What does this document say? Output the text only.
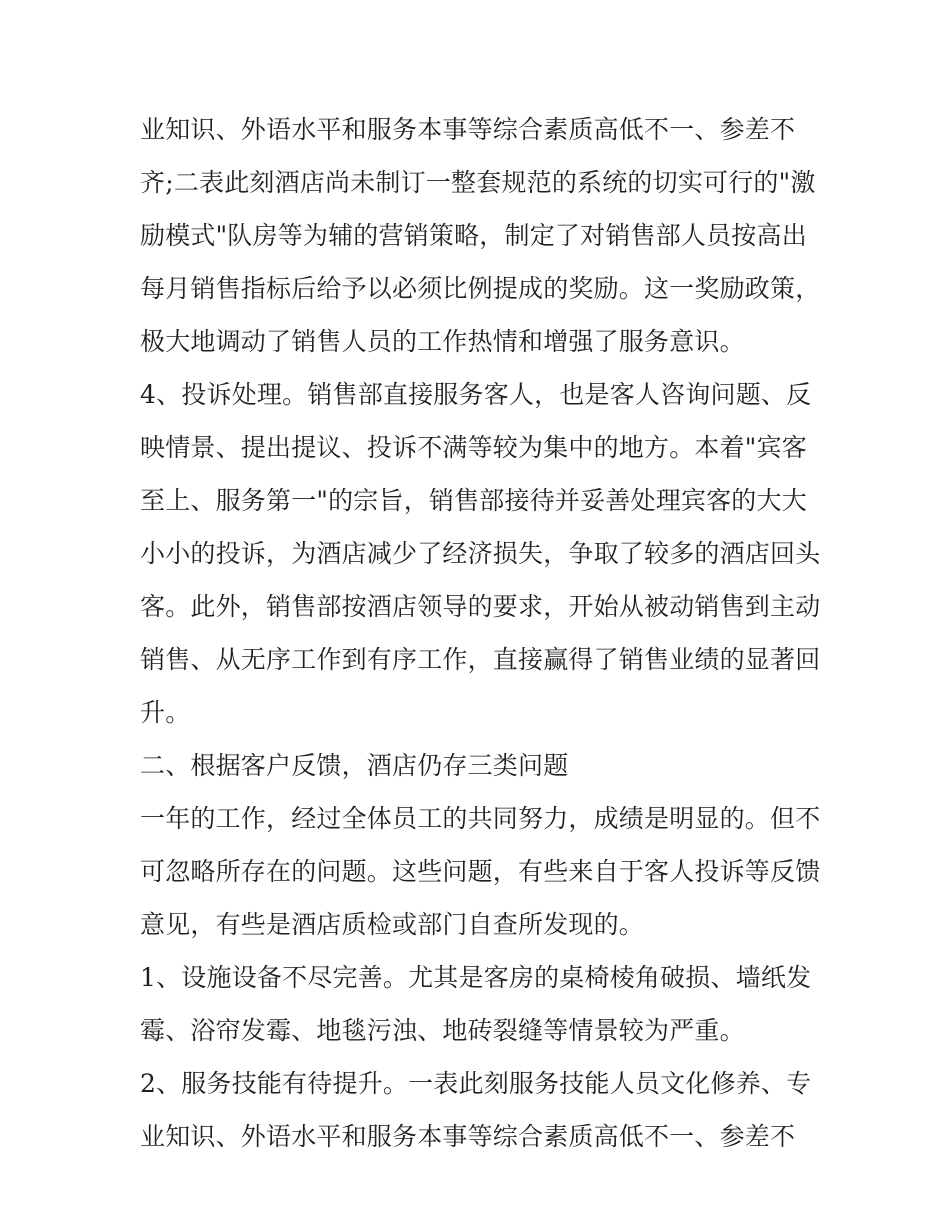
业知识、外语水平和服务本事等综合素质高低不一、参差不
齐;二表此刻酒店尚未制订一整套规范的系统的切实可行的"激
励模式"队房等为辅的营销策略，制定了对销售部人员按高出
每月销售指标后给予以必须比例提成的奖励。这一奖励政策，
极大地调动了销售人员的工作热情和增强了服务意识。
4、投诉处理。销售部直接服务客人，也是客人咨询问题、反
映情景、提出提议、投诉不满等较为集中的地方。本着"宾客
至上、服务第一"的宗旨，销售部接待并妥善处理宾客的大大
小小的投诉，为酒店减少了经济损失，争取了较多的酒店回头
客。此外，销售部按酒店领导的要求，开始从被动销售到主动
销售、从无序工作到有序工作，直接赢得了销售业绩的显著回
升。
二、根据客户反馈，酒店仍存三类问题
一年的工作，经过全体员工的共同努力，成绩是明显的。但不
可忽略所存在的问题。这些问题，有些来自于客人投诉等反馈
意见，有些是酒店质检或部门自查所发现的。
1、设施设备不尽完善。尤其是客房的桌椅棱角破损、墙纸发
霉、浴帘发霉、地毯污浊、地砖裂缝等情景较为严重。
2、服务技能有待提升。一表此刻服务技能人员文化修养、专
业知识、外语水平和服务本事等综合素质高低不一、参差不
